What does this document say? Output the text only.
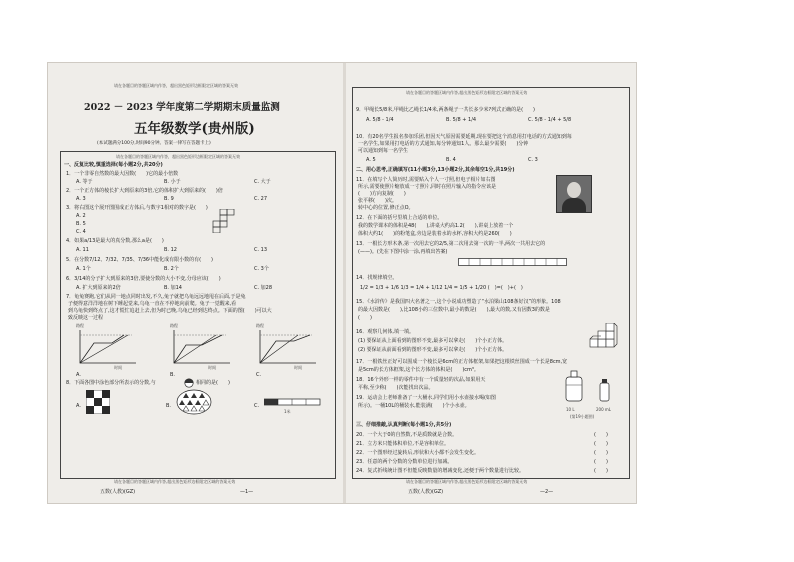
请在各题目的答题区域内作答，超出黑色矩形边框限定区域的答案无效
2022 － 2023 学年度第二学期期末质量监测
五年级数学(贵州版)
(本试题满分100分,时间90分钟。答案一律写在答题卡上)
请在各题目的答题区域内作答，超出黑色矩形边框限定区域的答案无效
一、反复比较,慎重选择(每小题2分,共20分)
1．一个非零自然数的最大因数(　　)它的最小倍数
A. 等于	B. 小于	C. 大于
2．一个正方体的棱长扩大到原来的3倍,它的体积扩大到原来的(　　)倍
A. 3	B. 9	C. 27
3．将右图这个展开图围成正方体后,与数字1相对的数字是(　　)
A. 2
B. 5
C. 4
4．如果a/13是最大的真分数,那么a是(　　)
A. 11	B. 12	C. 13
5．在分数7/12、7/32、7/35、7/36中能化成有限小数的有(　　)
A. 1个	B. 2个	C. 3个
6．3/14的分子扩大到原来的3倍,要使分数的大小不变,分母应该(　　)
A. 扩大到原来的2倍	B. 加14	C. 加28
7．龟兔赛跑,它们从同一地点同时出发,不久,兔子就把乌龟远远地甩在后面,于是兔
子便得意洋洋地在树下睡起觉来,乌龟一直在不停地向前爬。兔子一觉醒来,看
到乌龟快到终点了,这才慌忙追赶上去,但为时已晚,乌龟已经到达终点。下面的图(　　)可以大
致反映这一过程
路程
时间
A.
路程
时间
B.
路程
时间
C.
8．下面各图中涂色部分所表示的分数,与	相同的是(　　)
A.	B.	C.
1米
请在各题目的答题区域内作答,超出黑色矩形边框限定区域的答案无效
五数(人教)(GZ)	—1—
请在各题目的答题区域内作答,超出黑色矩形边框限定区域的答案无效
9．甲绳长5/8米,甲绳比乙绳长1/4米,两条绳子一共长多少米?列式正确的是(　　)
A. 5/8 - 1/4	B. 5/8 + 1/4	C. 5/8 - 1/4 + 5/8
10．有20名学生报名参加乐团,但因天气原因需要延期,现在要把这个消息用打电话的方式通知到每
一名学生,如果用打电话的方式通知,每分钟通知1人。那么最少需要(　　)分钟
可以通知到每一名学生
A. 5	B. 4	C. 3
二、用心思考,正确填写(11小题3分,13小题2分,其余每空1分,共19分)
11．在填写个人简历时,需要贴入个人一寸照,但电子相片如右图
所示,需要使照片缩放成一寸照片,同时在照片输入的指令应该是
(　　)方向复制(　　)
张平移(　　)次。
转中心的位置,修正点O。
12．在下面的括号里填上合适的单位。
我的数学课本的体积是48(　　),讲桌大约高1.2(　　),讲桌上放着一个
体积大约1(　　)的粉笔盒,旁边是装着水的水杯,容积大约是260(　　)
13．一根长方形木条,第一次用去它的2/5,第二次用去第一次的一半,两次一共用去它的
(——)。(先在下图中涂一涂,再填出答案)
14．找规律填空。
1/2 = 1/3 + 1/6 1/3 = 1/4 + 1/12 1/4 = 1/5 + 1/20 (　)=(　)+(　)
15．《水浒传》是我国四大名著之一,这个小说成功塑造了“水泊梁山108条好汉”的形象。108
的最大因数是(　　),比108小的三位数中,最小的数是(　　),最大的数,又有因数3的数是
(　　)
16．观察几何体,填一填。
(1) 要保证从上面看到的图形不变,最多可以拿走(　　)个小正方体。
(2) 要保证从前面看到的图形不变,最多可以拿走(　　)个小正方体。
17．一根铁丝正好可以围成一个棱长是6cm的正方体框架,如果把这根铁丝围成一个长是8cm,宽
是5cm的长方体框架,这个长方体的体积是(　　)cm³。
18．16个外形一样的零件中有一个质量轻的次品,如果用天
平称,至少称(　　)次能找出次品。
19．运动会上老师准备了一大桶水,同学们用小水壶接水喝(如图
所示)。一桶10L的桶装水,能装满(　　)个小水壶。
10 L	200 mL
(第19小题图)
三、仔细推敲,认真判断(每小题1分,共5分)
20．一个大于0的自然数,不是质数就是合数。	(　　)
21．立方米只能体积单位,不是容积单位。	(　　)
22．一个图形经过旋转后,形状和大小都不会发生变化。	(　　)
23．任意的两个分数的分数单位进行加减。	(　　)
24．复式折线统计图不但能反映数量的增减变化,还便于两个数量进行比较。	(　　)
请在各题目的答题区域内作答,超出黑色矩形边框限定区域的答案无效
五数(人教)(GZ)	—2—
